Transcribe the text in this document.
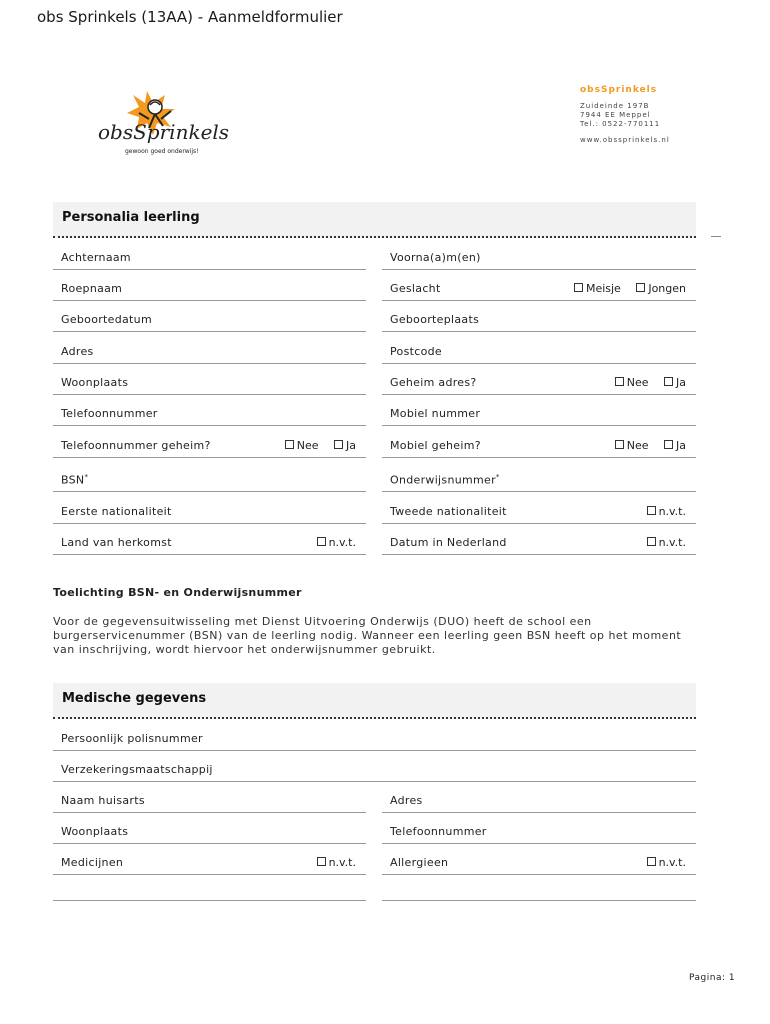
obs Sprinkels (13AA) - Aanmeldformulier
obsSprinkels
gewoon goed onderwijs!
obsSprinkels
Zuideinde 197B
7944 EE Meppel
Tel.: 0522-770111
www.obssprinkels.nl
Personalia leerling
Achternaam	Voorna(a)m(en)
Roepnaam	Geslacht	Meisje	Jongen
Geboortedatum	Geboorteplaats
Adres	Postcode
Woonplaats	Geheim adres?	Nee	Ja
Telefoonnummer	Mobiel nummer
Telefoonnummer geheim?	Nee	Ja	Mobiel geheim?	Nee	Ja
BSN*	Onderwijsnummer*
Eerste nationaliteit	Tweede nationaliteit	n.v.t.
Land van herkomst	n.v.t.	Datum in Nederland	n.v.t.
Toelichting BSN- en Onderwijsnummer

Voor de gegevensuitwisseling met Dienst Uitvoering Onderwijs (DUO) heeft de school een burgerservicenummer (BSN) van de leerling nodig. Wanneer een leerling geen BSN heeft op het moment van inschrijving, wordt hiervoor het onderwijsnummer gebruikt.

Medische gegevens
Persoonlijk polisnummer
Verzekeringsmaatschappij
Naam huisarts	Adres
Woonplaats	Telefoonnummer
Medicijnen	n.v.t.	Allergieen	n.v.t.
Pagina: 1
